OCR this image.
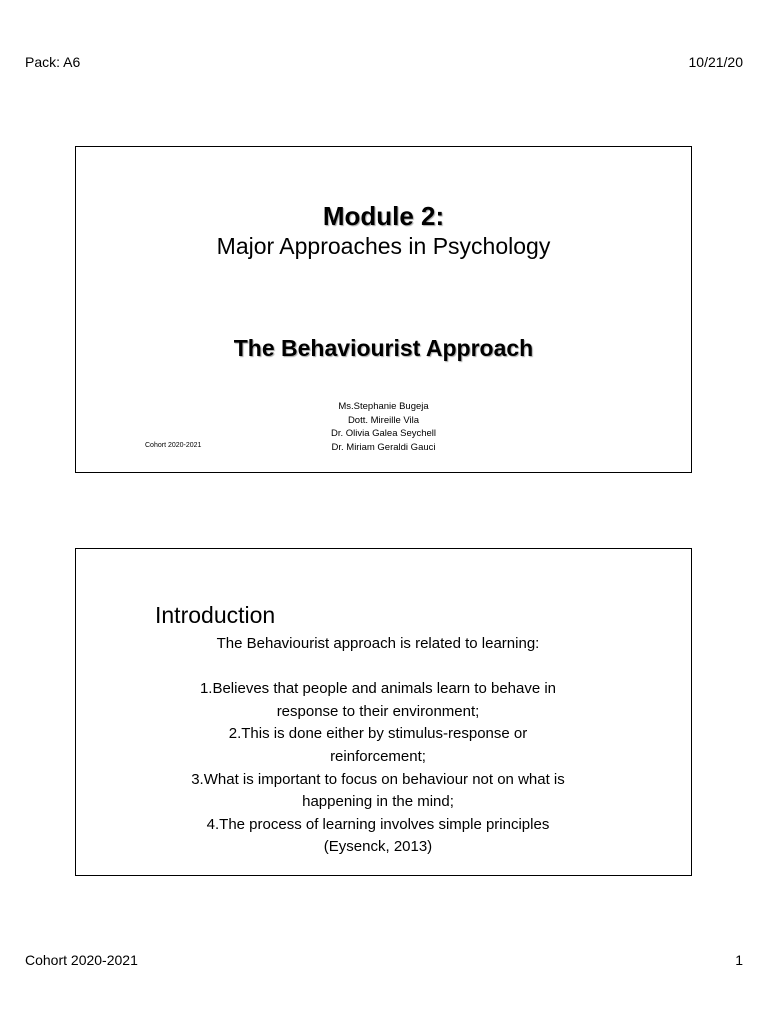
Pack: A6	10/21/20
Module 2:
Major Approaches in Psychology
The Behaviourist Approach
Ms.Stephanie Bugeja
Dott. Mireille Vila
Dr. Olivia Galea Seychell
Dr. Miriam Geraldi Gauci
Cohort 2020-2021
Introduction
The Behaviourist approach is related to learning:
1.Believes that people and animals learn to behave in
response to their environment;
2.This is done either by stimulus-response or
reinforcement;
3.What is important to focus on behaviour not on what is
happening in the mind;
4.The process of learning involves simple principles
(Eysenck, 2013)
Cohort 2020-2021	1
